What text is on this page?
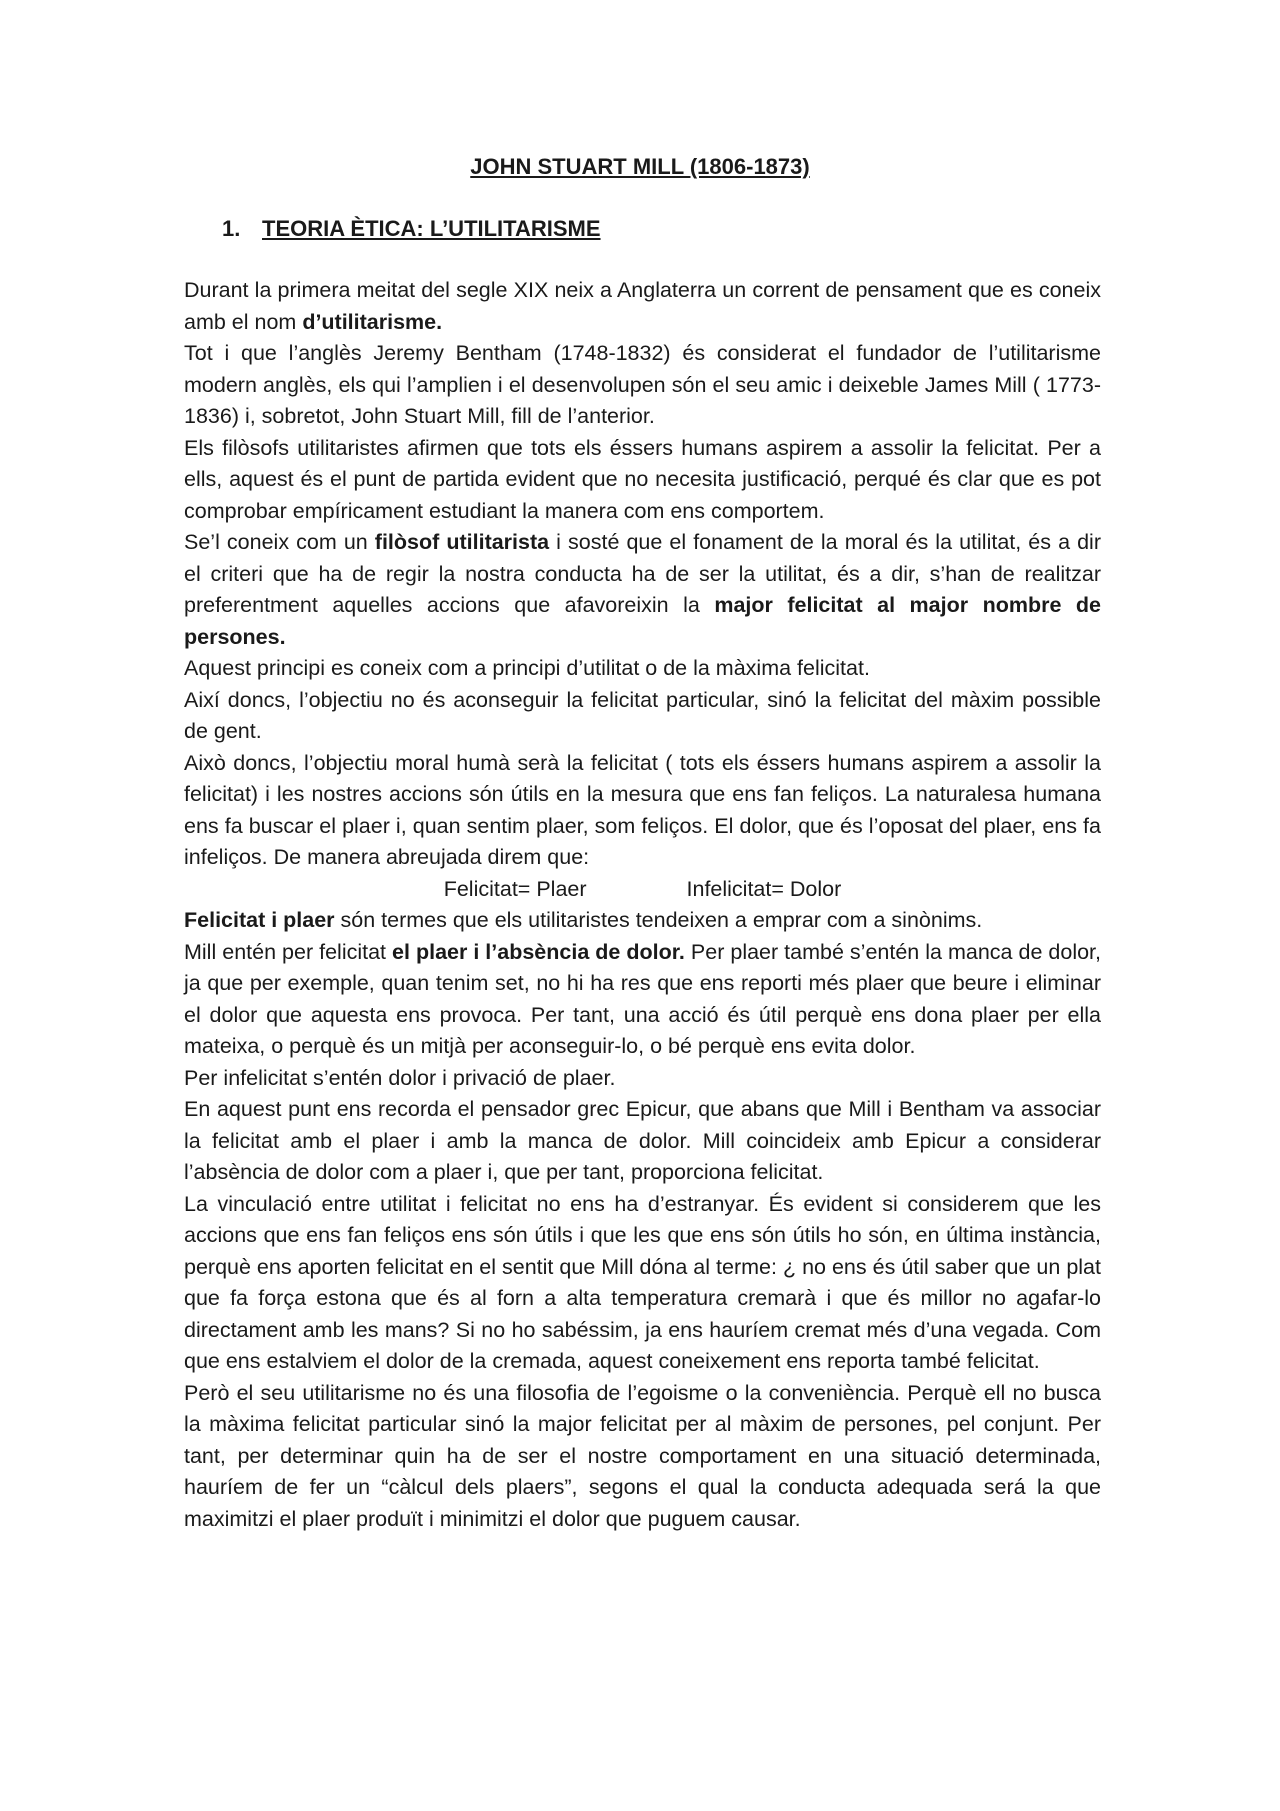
JOHN STUART MILL (1806-1873)
1. TEORIA ÈTICA: L’UTILITARISME

Durant la primera meitat del segle XIX neix a Anglaterra un corrent de pensament que es coneix amb el nom d’utilitarisme.

Tot i que l’anglès Jeremy Bentham (1748-1832) és considerat el fundador de l’utilitarisme modern anglès, els qui l’amplien i el desenvolupen són el seu amic i deixeble James Mill ( 1773-1836) i, sobretot, John Stuart Mill, fill de l’anterior.

Els filòsofs utilitaristes afirmen que tots els éssers humans aspirem a assolir la felicitat. Per a ells, aquest és el punt de partida evident que no necesita justificació, perqué és clar que es pot comprobar empíricament estudiant la manera com ens comportem.

Se’l coneix com un filòsof utilitarista i sosté que el fonament de la moral és la utilitat, és a dir el criteri que ha de regir la nostra conducta ha de ser la utilitat, és a dir, s’han de realitzar preferentment aquelles accions que afavoreixin la major felicitat al major nombre de persones.

Aquest principi es coneix com a principi d’utilitat o de la màxima felicitat.

Així doncs, l’objectiu no és aconseguir la felicitat particular, sinó la felicitat del màxim possible de gent.

Això doncs, l’objectiu moral humà serà la felicitat ( tots els éssers humans aspirem a assolir la felicitat) i les nostres accions són útils en la mesura que ens fan feliços. La naturalesa humana ens fa buscar el plaer i, quan sentim plaer, som feliços. El dolor, que és l’oposat del plaer, ens fa infeliços. De manera abreujada direm que:

Felicitat= Plaer	Infelicitat= Dolor

Felicitat i plaer són termes que els utilitaristes tendeixen a emprar com a sinònims.

Mill entén per felicitat el plaer i l’absència de dolor. Per plaer també s’entén la manca de dolor, ja que per exemple, quan tenim set, no hi ha res que ens reporti més plaer que beure i eliminar el dolor que aquesta ens provoca. Per tant, una acció és útil perquè ens dona plaer per ella mateixa, o perquè és un mitjà per aconseguir-lo, o bé perquè ens evita dolor.

Per infelicitat s’entén dolor i privació de plaer.

En aquest punt ens recorda el pensador grec Epicur, que abans que Mill i Bentham va associar la felicitat amb el plaer i amb la manca de dolor. Mill coincideix amb Epicur a considerar l’absència de dolor com a plaer i, que per tant, proporciona felicitat.

La vinculació entre utilitat i felicitat no ens ha d’estranyar. És evident si considerem que les accions que ens fan feliços ens són útils i que les que ens són útils ho són, en última instància, perquè ens aporten felicitat en el sentit que Mill dóna al terme: ¿ no ens és útil saber que un plat que fa força estona que és al forn a alta temperatura cremarà i que és millor no agafar-lo directament amb les mans? Si no ho sabéssim, ja ens hauríem cremat més d’una vegada. Com que ens estalviem el dolor de la cremada, aquest coneixement ens reporta també felicitat.

Però el seu utilitarisme no és una filosofia de l’egoisme o la conveniència. Perquè ell no busca la màxima felicitat particular sinó la major felicitat per al màxim de persones, pel conjunt. Per tant, per determinar quin ha de ser el nostre comportament en una situació determinada, hauríem de fer un “càlcul dels plaers”, segons el qual la conducta adequada será la que maximitzi el plaer produït i minimitzi el dolor que puguem causar.
